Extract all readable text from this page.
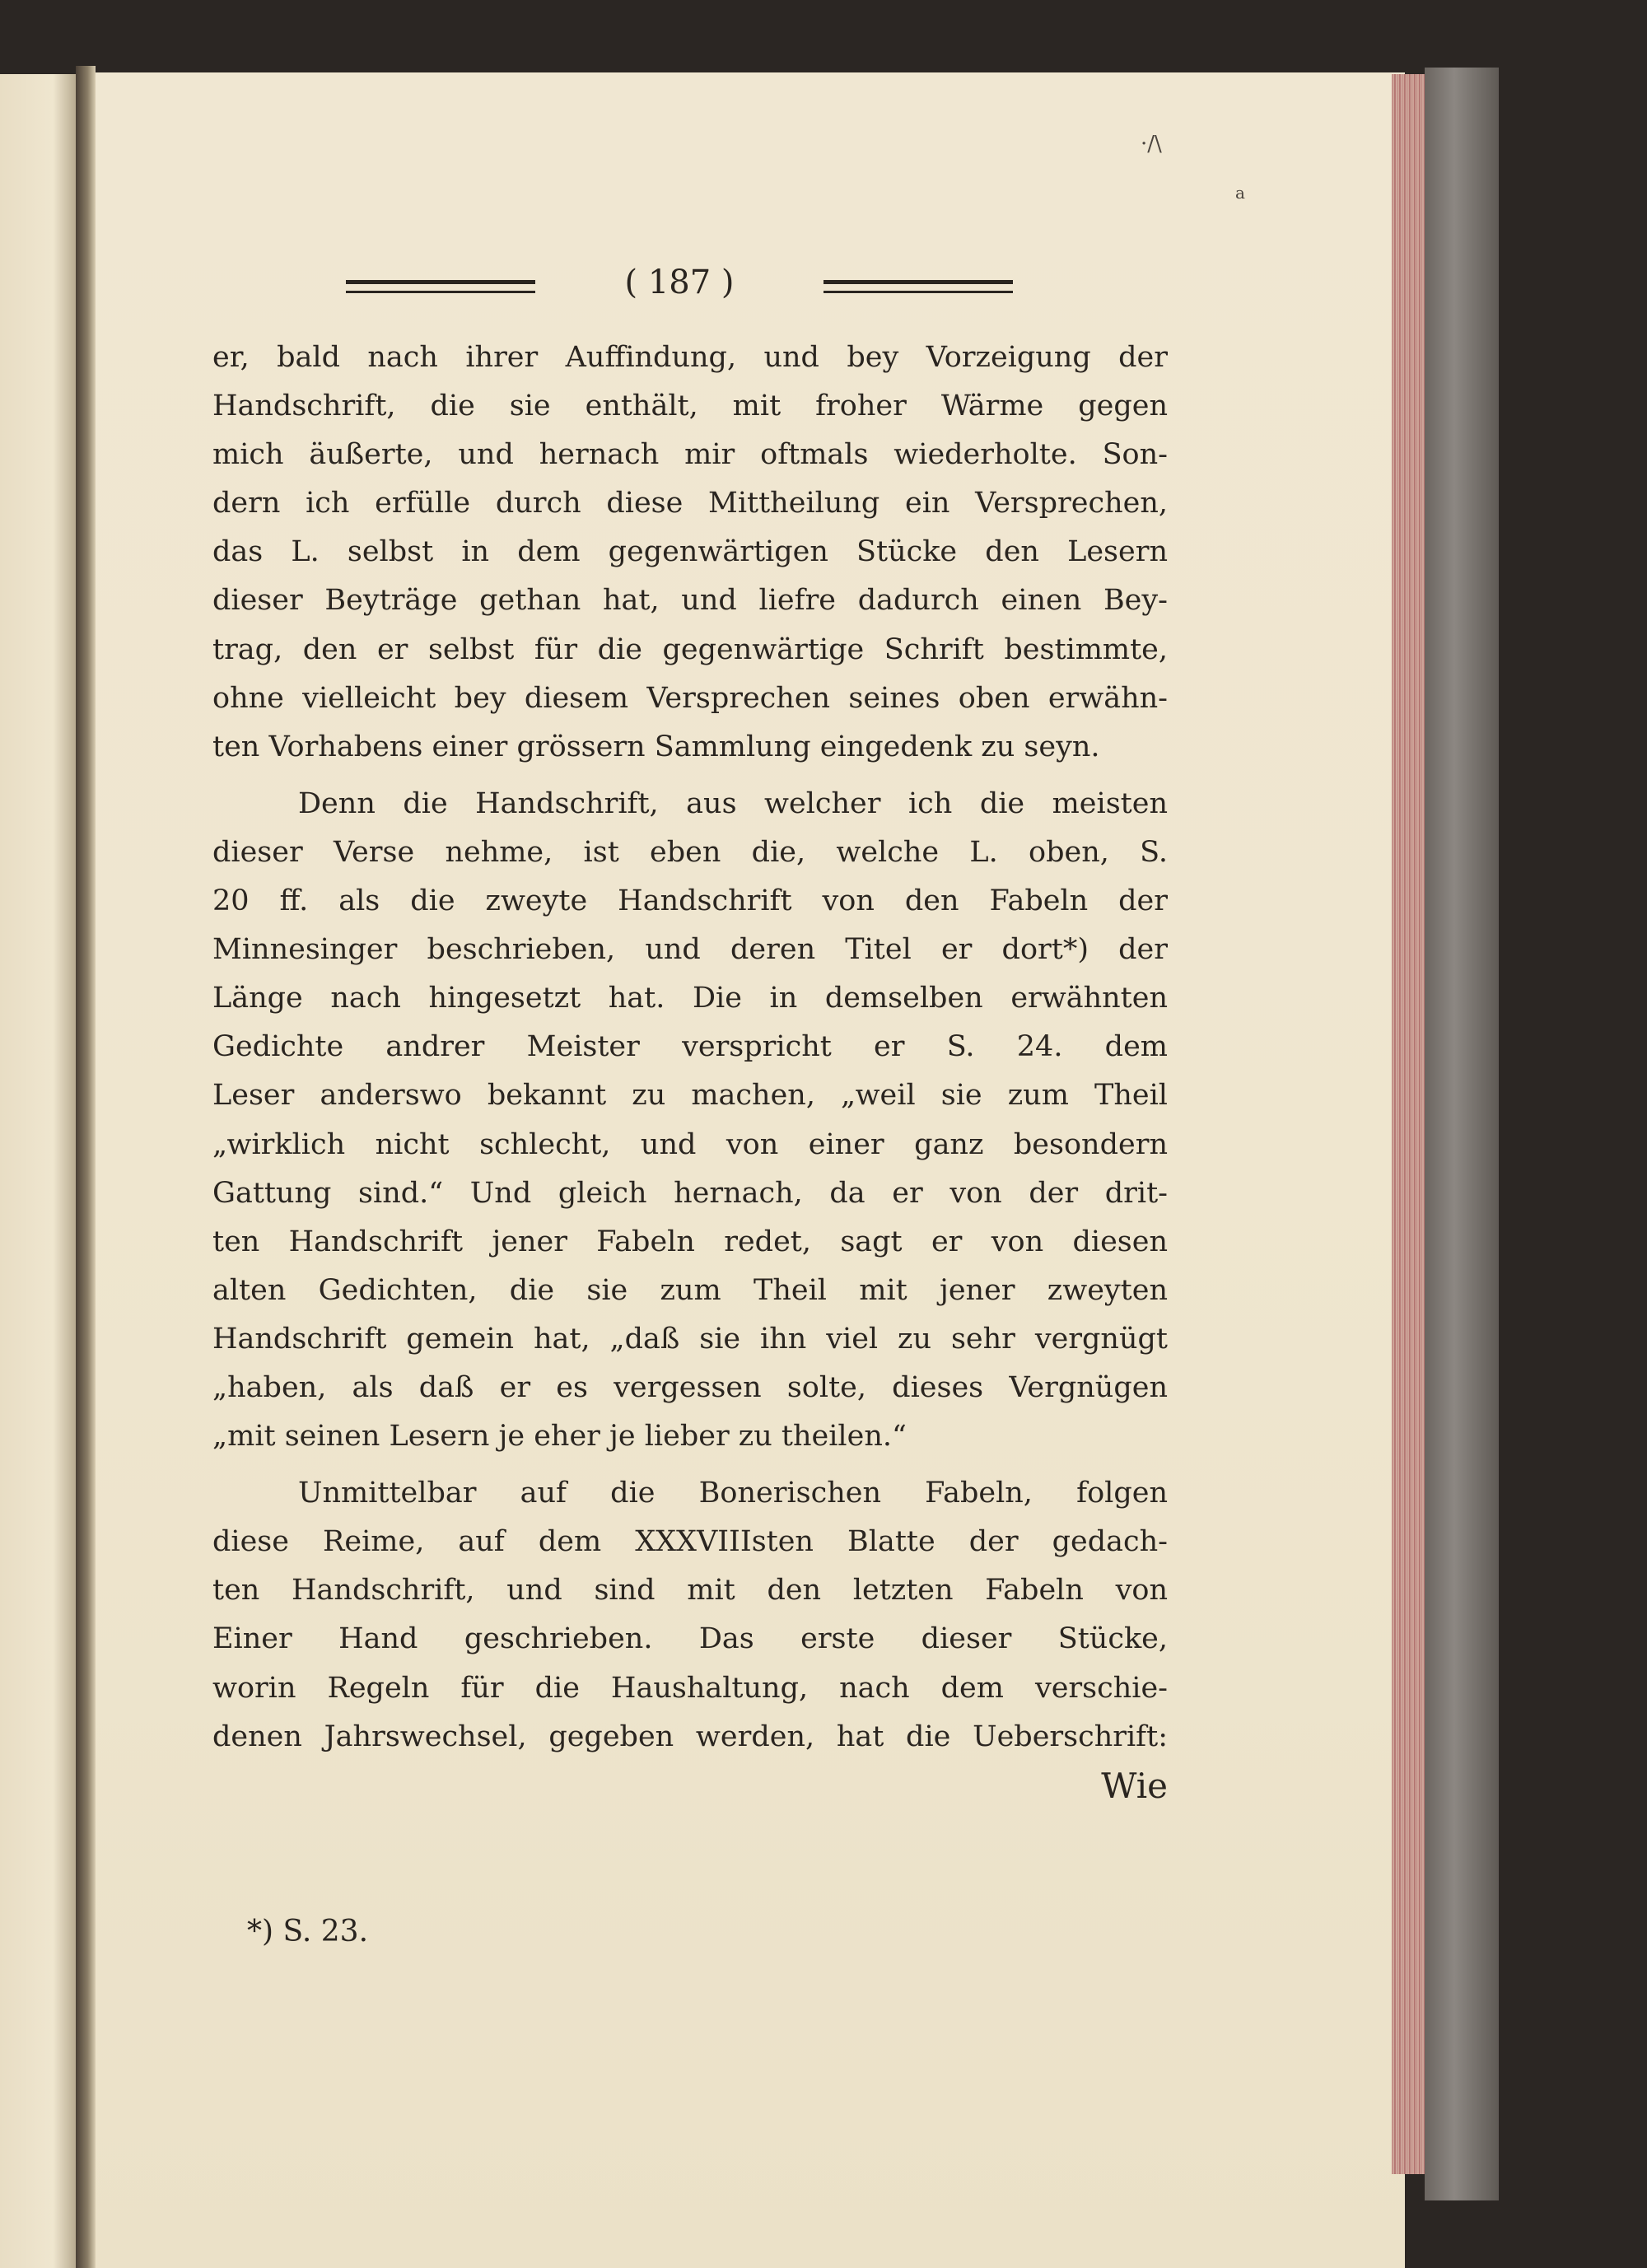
·∕\
a
( 187 )
er, bald nach ihrer Auffindung, und bey Vorzeigung der
Handschrift, die sie enthält, mit froher Wärme gegen
mich äußerte, und hernach mir oftmals wiederholte. Son-
dern ich erfülle durch diese Mittheilung ein Versprechen,
das L. selbst in dem gegenwärtigen Stücke den Lesern
dieser Beyträge gethan hat, und liefre dadurch einen Bey-
trag, den er selbst für die gegenwärtige Schrift bestimmte,
ohne vielleicht bey diesem Versprechen seines oben erwähn-
ten Vorhabens einer grössern Sammlung eingedenk zu seyn.
Denn die Handschrift, aus welcher ich die meisten
dieser Verse nehme, ist eben die, welche L. oben, S.
20 ff. als die zweyte Handschrift von den Fabeln der
Minnesinger beschrieben, und deren Titel er dort*) der
Länge nach hingesetzt hat. Die in demselben erwähnten
Gedichte andrer Meister verspricht er S. 24. dem
Leser anderswo bekannt zu machen, „weil sie zum Theil
„wirklich nicht schlecht, und von einer ganz besondern
Gattung sind.“ Und gleich hernach, da er von der drit-
ten Handschrift jener Fabeln redet, sagt er von diesen
alten Gedichten, die sie zum Theil mit jener zweyten
Handschrift gemein hat, „daß sie ihn viel zu sehr vergnügt
„haben, als daß er es vergessen solte, dieses Vergnügen
„mit seinen Lesern je eher je lieber zu theilen.“
Unmittelbar auf die Bonerischen Fabeln, folgen
diese Reime, auf dem XXXVIIIsten Blatte der gedach-
ten Handschrift, und sind mit den letzten Fabeln von
Einer Hand geschrieben. Das erste dieser Stücke,
worin Regeln für die Haushaltung, nach dem verschie-
denen Jahrswechsel, gegeben werden, hat die Ueberschrift:
Wie
*) S. 23.
